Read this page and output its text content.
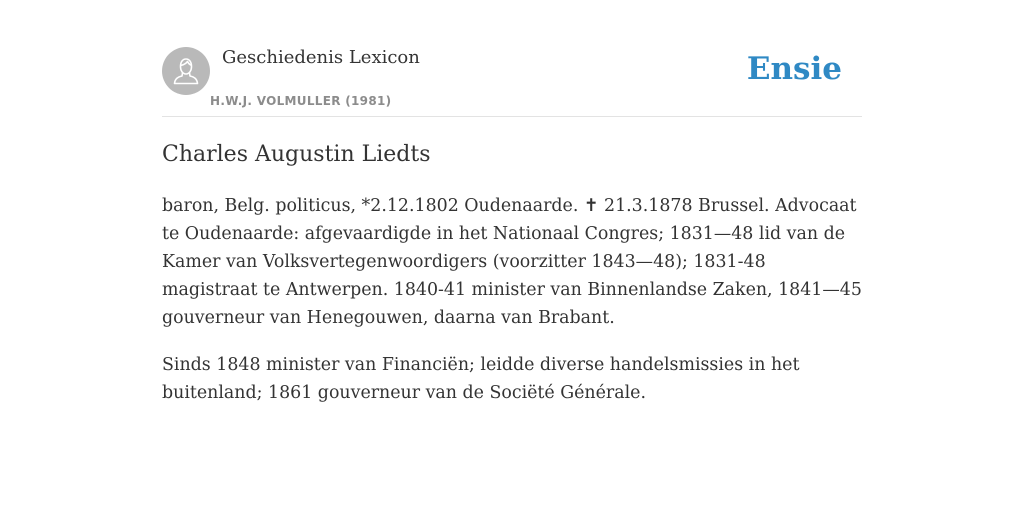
Geschiedenis Lexicon
H.W.J. VOLMULLER (1981)
Ensie
Charles Augustin Liedts

baron, Belg. politicus, *2.12.1802 Oudenaarde. ✝ 21.3.1878 Brussel. Advocaat te Oudenaarde: afgevaardigde in het Nationaal Congres; 1831—48 lid van de Kamer van Volksvertegenwoordigers (voorzitter 1843—48); 1831-48 magistraat te Antwerpen. 1840-41 minister van Binnenlandse Zaken, 1841—45 gouverneur van Henegouwen, daarna van Brabant.

Sinds 1848 minister van Financiën; leidde diverse handelsmissies in het buitenland; 1861 gouverneur van de Sociëté Générale.
